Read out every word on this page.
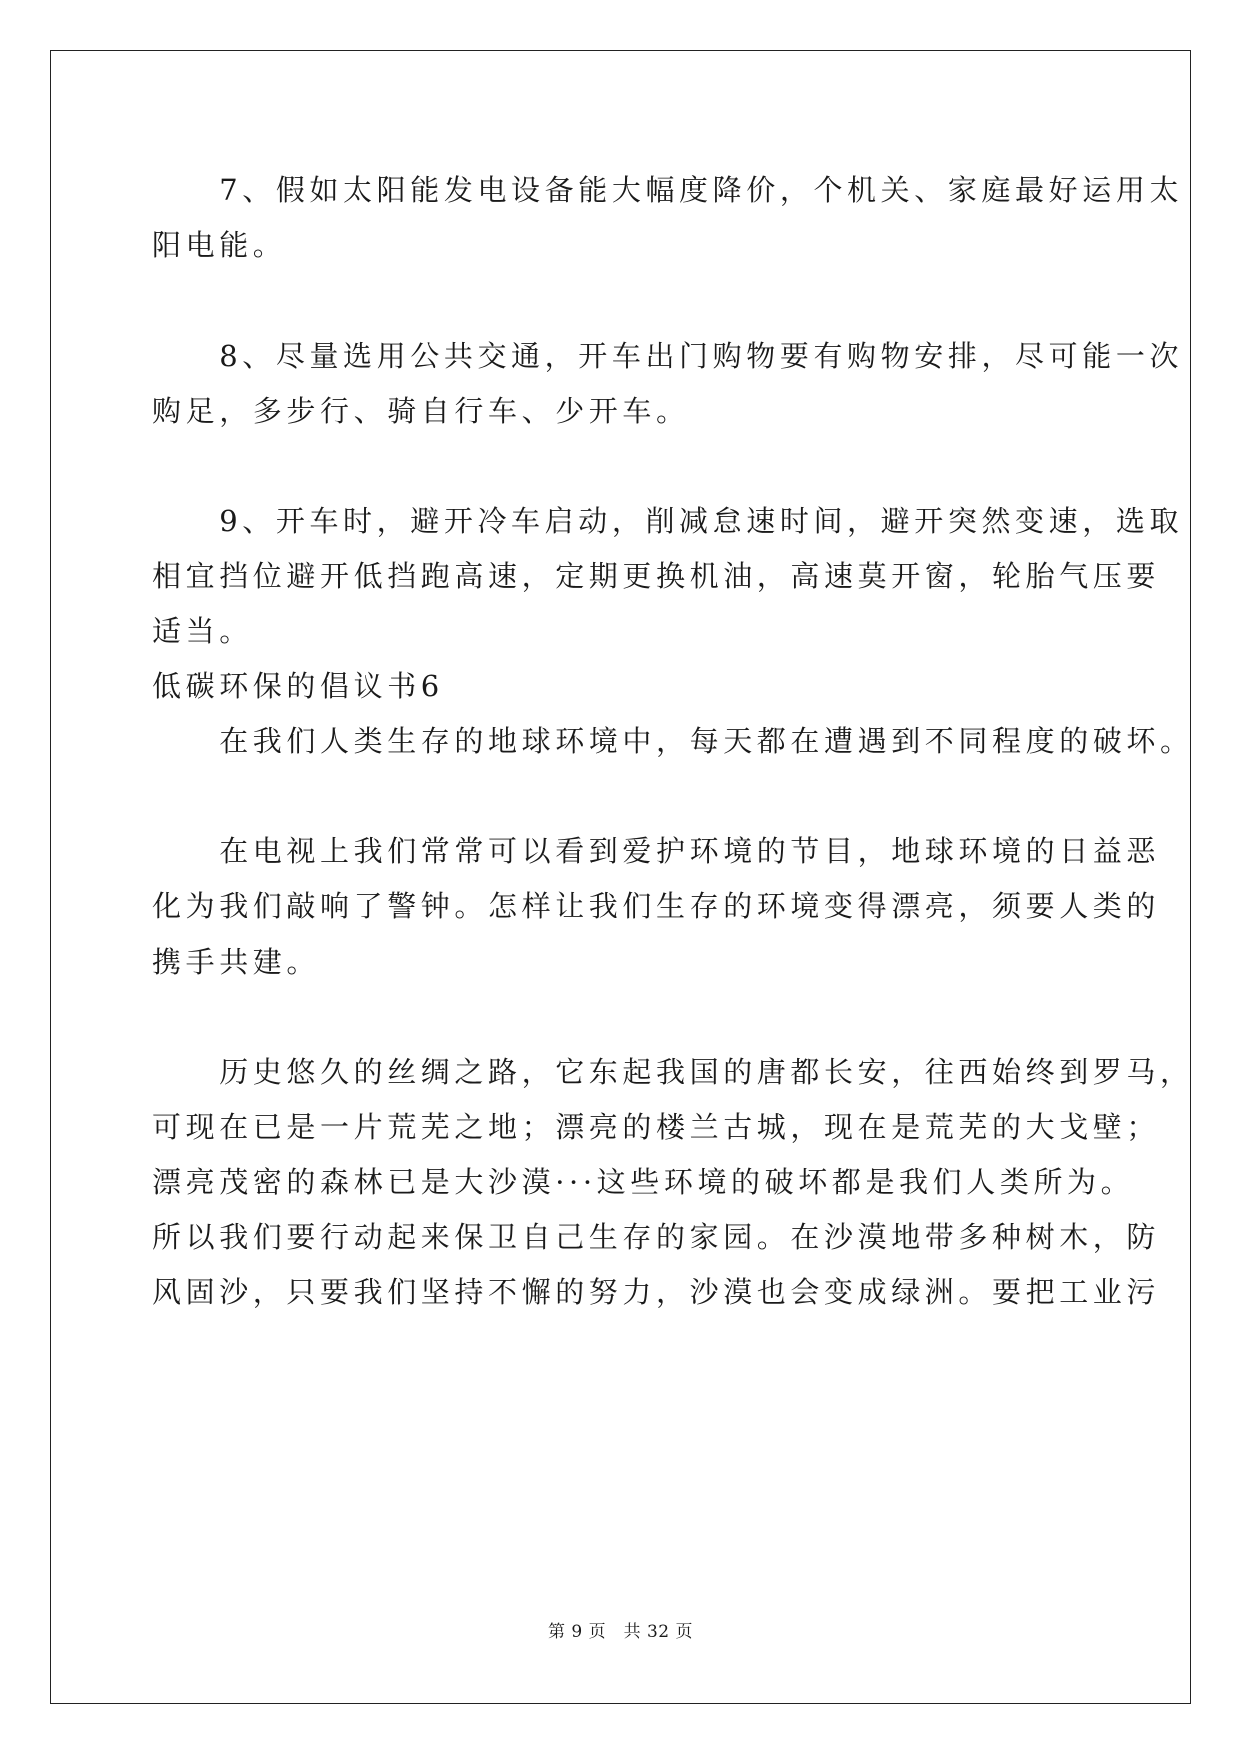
　　7、假如太阳能发电设备能大幅度降价，个机关、家庭最好运用太
阳电能。
　　8、尽量选用公共交通，开车出门购物要有购物安排，尽可能一次
购足，多步行、骑自行车、少开车。
　　9、开车时，避开冷车启动，削减怠速时间，避开突然变速，选取
相宜挡位避开低挡跑高速，定期更换机油，高速莫开窗，轮胎气压要
适当。
低碳环保的倡议书6
　　在我们人类生存的地球环境中，每天都在遭遇到不同程度的破坏。
　　在电视上我们常常可以看到爱护环境的节目，地球环境的日益恶
化为我们敲响了警钟。怎样让我们生存的环境变得漂亮，须要人类的
携手共建。
　　历史悠久的丝绸之路，它东起我国的唐都长安，往西始终到罗马，
可现在已是一片荒芜之地；漂亮的楼兰古城，现在是荒芜的大戈壁；
漂亮茂密的森林已是大沙漠···这些环境的破坏都是我们人类所为。
所以我们要行动起来保卫自己生存的家园。在沙漠地带多种树木，防
风固沙，只要我们坚持不懈的努力，沙漠也会变成绿洲。要把工业污
第 9 页　共 32 页
